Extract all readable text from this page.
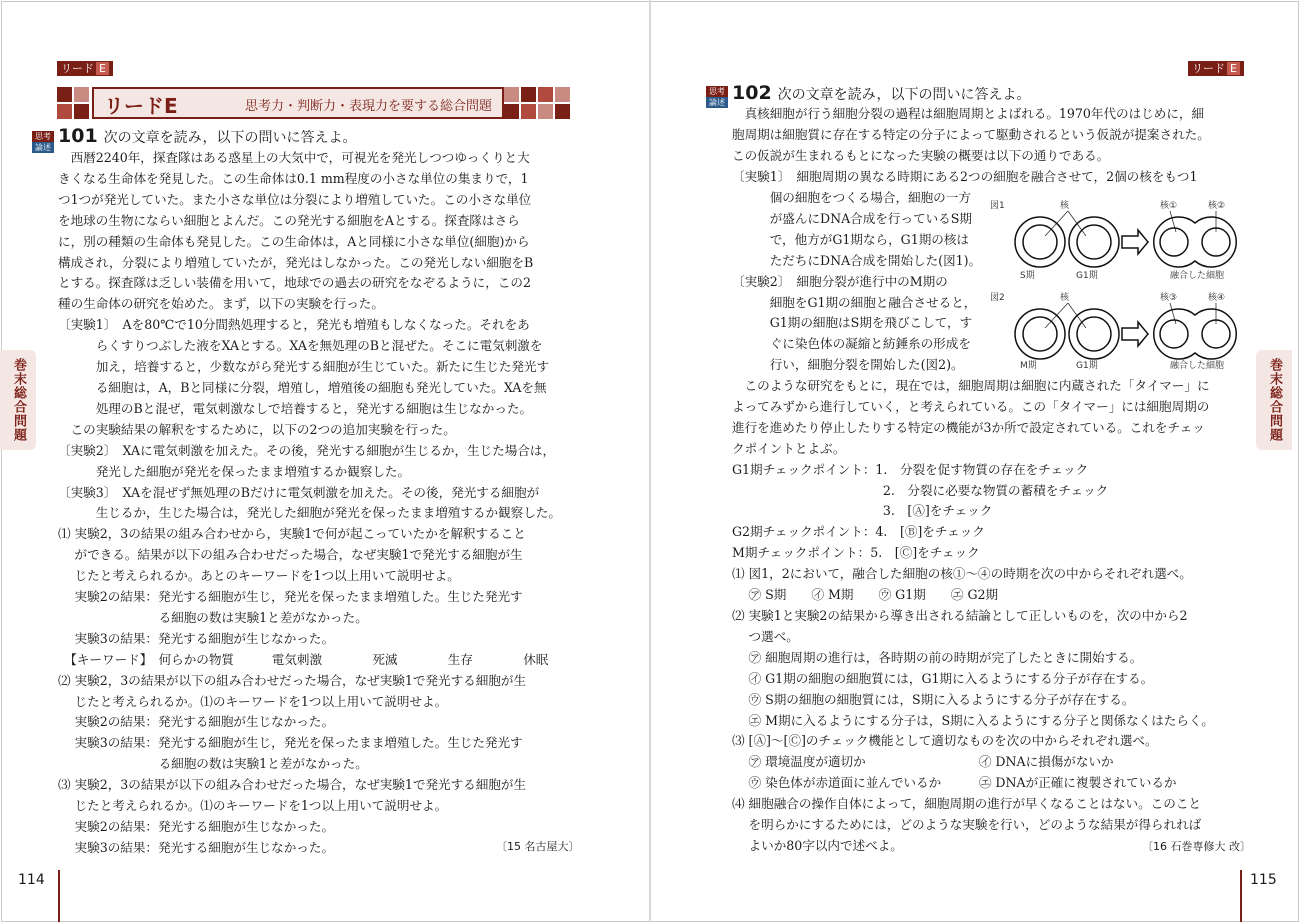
リード E	リード E
リードE	思考力・判断力・表現力を要する総合問題
巻末総合問題	巻末総合問題
思考
論述
101 次の文章を読み，以下の問いに答えよ。

　西暦2240年，探査隊はある惑星上の大気中で，可視光を発光しつつゆっくりと大

きくなる生命体を発見した。この生命体は0.1 mm程度の小さな単位の集まりで，1

つ1つが発光していた。また小さな単位は分裂により増殖していた。この小さな単位

を地球の生物にならい細胞とよんだ。この発光する細胞をAとする。探査隊はさら

に，別の種類の生命体も発見した。この生命体は，Aと同様に小さな単位(細胞)から

構成され，分裂により増殖していたが，発光はしなかった。この発光しない細胞をB

とする。探査隊は乏しい装備を用いて，地球での過去の研究をなぞるように，この2

種の生命体の研究を始めた。まず，以下の実験を行った。

〔実験1〕　Aを80℃で10分間熱処理すると，発光も増殖もしなくなった。それをあ

　　　らくすりつぶした液をXAとする。XAを無処理のBと混ぜた。そこに電気刺激を

　　　加え，培養すると，少数ながら発光する細胞が生じていた。新たに生じた発光す

　　　る細胞は，A，Bと同様に分裂，増殖し，増殖後の細胞も発光していた。XAを無

　　　処理のBと混ぜ，電気刺激なしで培養すると，発光する細胞は生じなかった。

　この実験結果の解釈をするために，以下の2つの追加実験を行った。

〔実験2〕　XAに電気刺激を加えた。その後，発光する細胞が生じるか，生じた場合は，

　　　発光した細胞が発光を保ったまま増殖するか観察した。

〔実験3〕　XAを混ぜず無処理のBだけに電気刺激を加えた。その後，発光する細胞が

　　　生じるか，生じた場合は，発光した細胞が発光を保ったまま増殖するか観察した。

⑴ 実験2，3の結果の組み合わせから，実験1で何が起こっていたかを解釈すること

　 ができる。結果が以下の組み合わせだった場合，なぜ実験1で発光する細胞が生

　 じたと考えられるか。あとのキーワードを1つ以上用いて説明せよ。

　 実験2の結果：発光する細胞が生じ，発光を保ったまま増殖した。生じた発光す

　　　　　　　　る細胞の数は実験1と差がなかった。

　 実験3の結果：発光する細胞が生じなかった。

　【キーワード】　何らかの物質　　　電気刺激　　　　死滅　　　　生存　　　　休眠

⑵ 実験2，3の結果が以下の組み合わせだった場合，なぜ実験1で発光する細胞が生

　 じたと考えられるか。⑴のキーワードを1つ以上用いて説明せよ。

　 実験2の結果：発光する細胞が生じなかった。

　 実験3の結果：発光する細胞が生じ，発光を保ったまま増殖した。生じた発光す

　　　　　　　　る細胞の数は実験1と差がなかった。

⑶ 実験2，3の結果が以下の組み合わせだった場合，なぜ実験1で発光する細胞が生

　 じたと考えられるか。⑴のキーワードを1つ以上用いて説明せよ。

　 実験2の結果：発光する細胞が生じなかった。

　 実験3の結果：発光する細胞が生じなかった。	〔15 名古屋大〕
思考
論述 102 次の文章を読み，以下の問いに答えよ。

　真核細胞が行う細胞分裂の過程は細胞周期とよばれる。1970年代のはじめに，細

胞周期は細胞質に存在する特定の分子によって駆動されるという仮説が提案された。

この仮説が生まれるもとになった実験の概要は以下の通りである。

〔実験1〕　細胞周期の異なる時期にある2つの細胞を融合させて，2個の核をもつ1

　　　個の細胞をつくる場合，細胞の一方

　　　が盛んにDNA合成を行っているS期

　　　で，他方がG1期なら，G1期の核は

　　　ただちにDNA合成を開始した(図1)。

〔実験2〕　細胞分裂が進行中のM期の

　　　細胞をG1期の細胞と融合させると，

　　　G1期の細胞はS期を飛びこして，す

　　　ぐに染色体の凝縮と紡錘糸の形成を

　　　行い，細胞分裂を開始した(図2)。

　このような研究をもとに，現在では，細胞周期は細胞に内蔵された「タイマー」に

よってみずから進行していく，と考えられている。この「タイマー」には細胞周期の

進行を進めたり停止したりする特定の機能が3か所で設定されている。これをチェッ

クポイントとよぶ。

G1期チェックポイント：1.　分裂を促す物質の存在をチェック

　　　　　　　　　　　　2.　分裂に必要な物質の蓄積をチェック

　　　　　　　　　　　　3.　[Ⓐ]をチェック

G2期チェックポイント：4.　[Ⓑ]をチェック

M期チェックポイント：5.　[Ⓒ]をチェック

⑴ 図1，2において，融合した細胞の核①～④の時期を次の中からそれぞれ選べ。

　 ㋐ S期　　㋑ M期　　㋒ G1期　　㋓ G2期

⑵ 実験1と実験2の結果から導き出される結論として正しいものを，次の中から2

　 つ選べ。

　 ㋐ 細胞周期の進行は，各時期の前の時期が完了したときに開始する。

　 ㋑ G1期の細胞の細胞質には，G1期に入るようにする分子が存在する。

　 ㋒ S期の細胞の細胞質には，S期に入るようにする分子が存在する。

　 ㋓ M期に入るようにする分子は，S期に入るようにする分子と関係なくはたらく。

⑶ [Ⓐ]～[Ⓒ]のチェック機能として適切なものを次の中からそれぞれ選べ。

　 ㋐ 環境温度が適切か　　　　　　　　　㋑ DNAに損傷がないか

　 ㋒ 染色体が赤道面に並んでいるか　　　㋓ DNAが正確に複製されているか

⑷ 細胞融合の操作自体によって，細胞周期の進行が早くなることはない。このこと

　 を明らかにするためには，どのような実験を行い，どのような結果が得られれば

　 よいか80字以内で述べよ。	〔16 石巻専修大 改〕
図1	核
S期	G1期
核①	核②
融合した細胞
図2	核
M期	G1期
核③	核④
融合した細胞
114	115
